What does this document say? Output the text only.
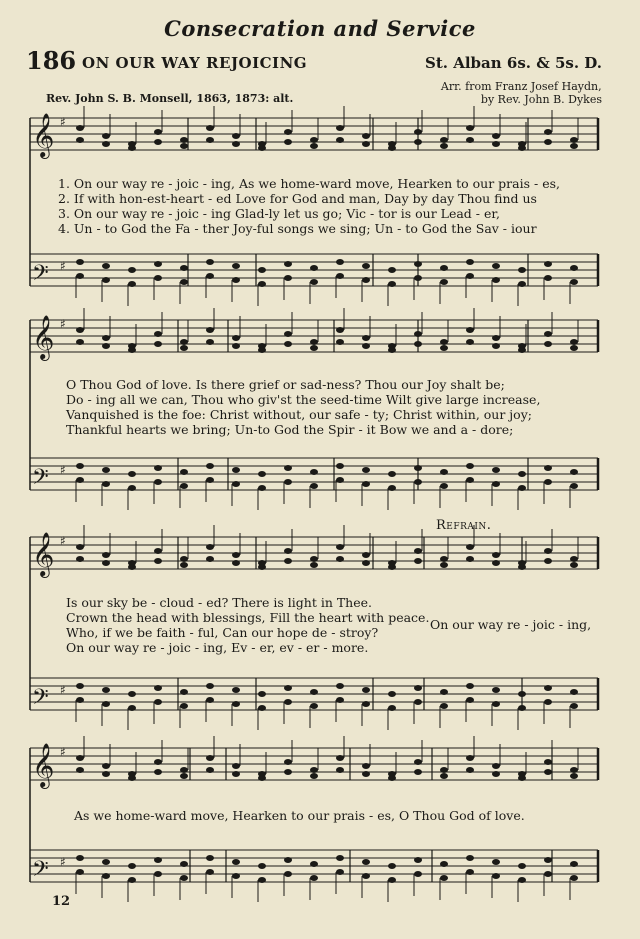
Consecration and Service
186 ON OUR WAY REJOICING	St. Alban 6s. & 5s. D.
Arr. from Franz Josef Haydn,
by Rev. John B. Dykes
Rev. John S. B. Monsell, 1863, 1873: alt.
𝄞 ♯
𝄢 ♯
𝄞 ♯
𝄢 ♯
𝄞 ♯
𝄢 ♯
𝄞 ♯
𝄢 ♯
1. On our way re - joic - ing, As we home-ward move, Hearken to our prais - es,
2. If with hon-est-heart - ed Love for God and man, Day by day Thou find us
3. On our way re - joic - ing Glad-ly let us go; Vic - tor is our Lead - er,
4. Un - to God the Fa - ther Joy-ful songs we sing; Un - to God the Sav - iour
O Thou God of love. Is there grief or sad-ness? Thou our Joy shalt be;
Do - ing all we can, Thou who giv'st the seed-time Wilt give large increase,
Vanquished is the foe: Christ without, our safe - ty; Christ within, our joy;
Thankful hearts we bring; Un-to God the Spir - it Bow we and a - dore;
Refrain.
Is our sky be - cloud - ed? There is light in Thee.
Crown the head with blessings, Fill the heart with peace.
Who, if we be faith - ful, Can our hope de - stroy?
On our way re - joic - ing, Ev - er, ev - er - more.
On our way re - joic - ing,
As we home-ward move, Hearken to our prais - es, O Thou God of love.
12
